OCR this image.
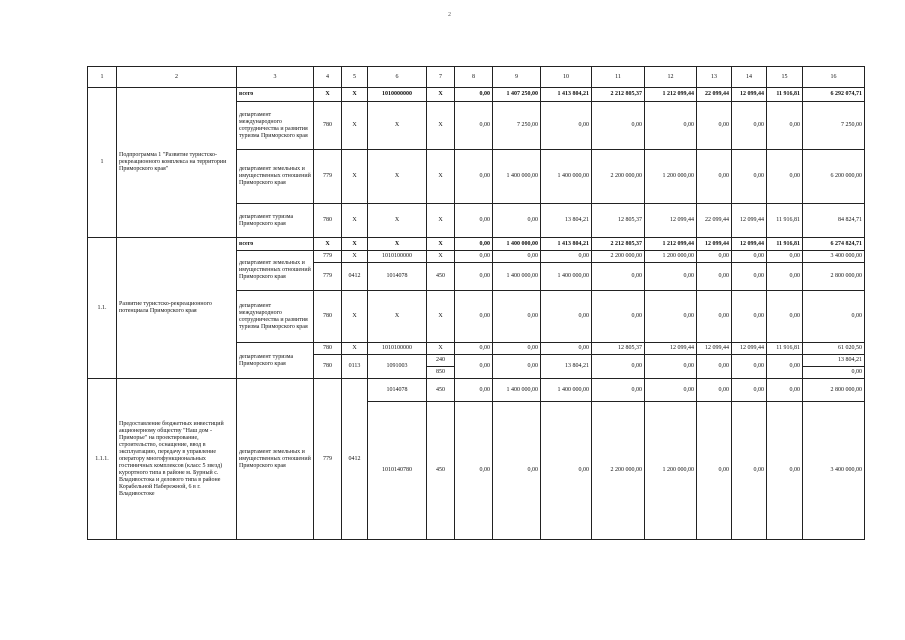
2
1	2	3	4	5	6	7	8	9	10	11	12	13	14	15	16
1	Подпрограмма 1 "Развитие туристско-рекреационного комплекса на территории Приморского края"	всего	X	X	1010000000	X	0,00	1 407 250,00	1 413 804,21	2 212 805,37	1 212 099,44	22 099,44	12 099,44	11 916,81	6 292 074,71
		департамент международного сотрудничества и развития туризма Приморского края	780	X	X	X	0,00	7 250,00	0,00	0,00	0,00	0,00	0,00	0,00	7 250,00
		департамент земельных и имущественных отношений Приморского края	779	X	X	X	0,00	1 400 000,00	1 400 000,00	2 200 000,00	1 200 000,00	0,00	0,00	0,00	6 200 000,00
		департамент туризма Приморского края	780	X	X	X	0,00	0,00	13 804,21	12 805,37	12 099,44	22 099,44	12 099,44	11 916,81	84 824,71
1.1.	Развитие туристско-рекреационного потенциала Приморского края	всего	X	X	X	X	0,00	1 400 000,00	1 413 804,21	2 212 805,37	1 212 099,44	12 099,44	12 099,44	11 916,81	6 274 824,71
		департамент земельных и имущественных отношений Приморского края	779	X	1010100000	X	0,00	0,00	0,00	2 200 000,00	1 200 000,00	0,00	0,00	0,00	3 400 000,00
			779	0412	1014078	450	0,00	1 400 000,00	1 400 000,00	0,00	0,00	0,00	0,00	0,00	2 800 000,00
		департамент международного сотрудничества и развития туризма Приморского края	780	X	X	X	0,00	0,00	0,00	0,00	0,00	0,00	0,00	0,00	0,00
		департамент туризма Приморского края	780	X	1010100000	X	0,00	0,00	0,00	12 805,37	12 099,44	12 099,44	12 099,44	11 916,81	61 020,50
			780	0113	1091003	240	0,00	0,00	13 804,21	0,00	0,00	0,00	0,00	0,00	13 804,21
						850									0,00
1.1.1.	Предоставление бюджетных инвестиций акционерному обществу "Наш дом - Приморье" на проектирование, строительство, оснащение, ввод в эксплуатацию, передачу в управление оператору многофункциональных гостиничных комплексов (класс 5 звезд) курортного типа в районе м. Бурный с. Владивостока и делового типа в районе Корабельной Набережной, 6 в г. Владивостоке	департамент земельных и имущественных отношений Приморского края	779	0412	1014078	450	0,00	1 400 000,00	1 400 000,00	0,00	0,00	0,00	0,00	0,00	2 800 000,00
					1010140780	450	0,00	0,00	0,00	2 200 000,00	1 200 000,00	0,00	0,00	0,00	3 400 000,00
